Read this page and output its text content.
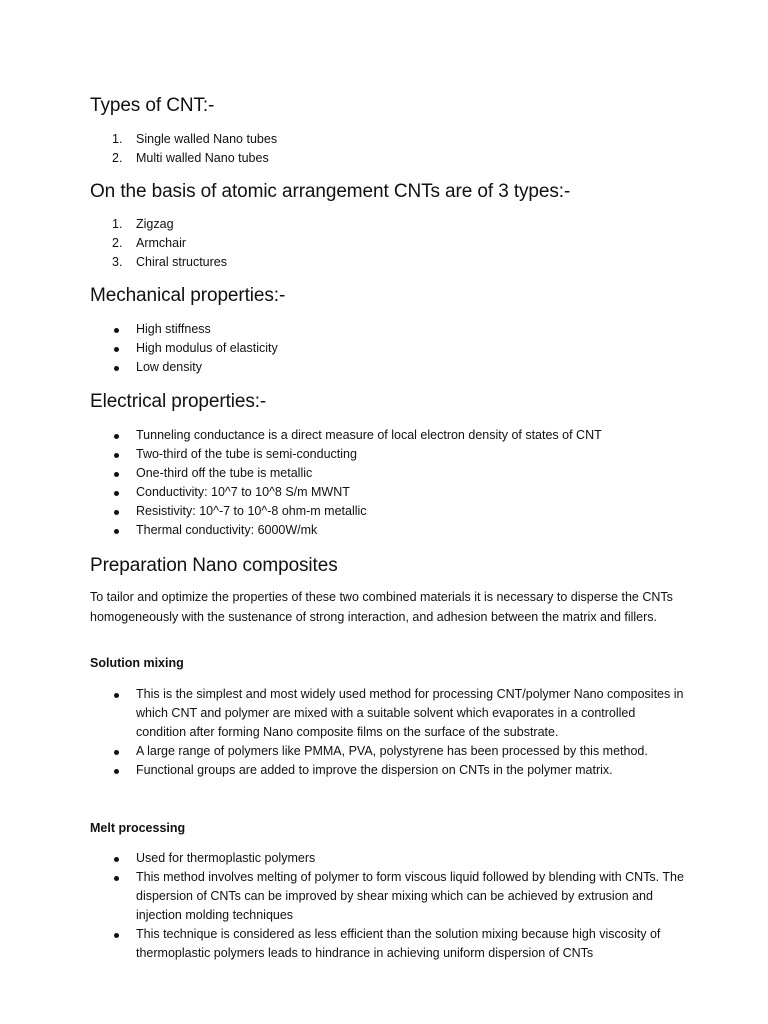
Types of CNT:-
1. Single walled Nano tubes
2. Multi walled Nano tubes
On the basis of atomic arrangement CNTs are of 3 types:-
1. Zigzag
2. Armchair
3. Chiral structures
Mechanical properties:-
High stiffness
High modulus of elasticity
Low density
Electrical properties:-
Tunneling conductance is a direct measure of local electron density of states of CNT
Two-third of the tube is semi-conducting
One-third off the tube is metallic
Conductivity: 10^7 to 10^8 S/m MWNT
Resistivity: 10^-7 to 10^-8 ohm-m metallic
Thermal conductivity: 6000W/mk
Preparation Nano composites

To tailor and optimize the properties of these two combined materials it is necessary to disperse the CNTs homogeneously with the sustenance of strong interaction, and adhesion between the matrix and fillers.

Solution mixing
This is the simplest and most widely used method for processing CNT/polymer Nano composites in which CNT and polymer are mixed with a suitable solvent which evaporates in a controlled condition after forming Nano composite films on the surface of the substrate.
A large range of polymers like PMMA, PVA, polystyrene has been processed by this method.
Functional groups are added to improve the dispersion on CNTs in the polymer matrix.
Melt processing
Used for thermoplastic polymers
This method involves melting of polymer to form viscous liquid followed by blending with CNTs. The dispersion of CNTs can be improved by shear mixing which can be achieved by extrusion and injection molding techniques
This technique is considered as less efficient than the solution mixing because high viscosity of thermoplastic polymers leads to hindrance in achieving uniform dispersion of CNTs
